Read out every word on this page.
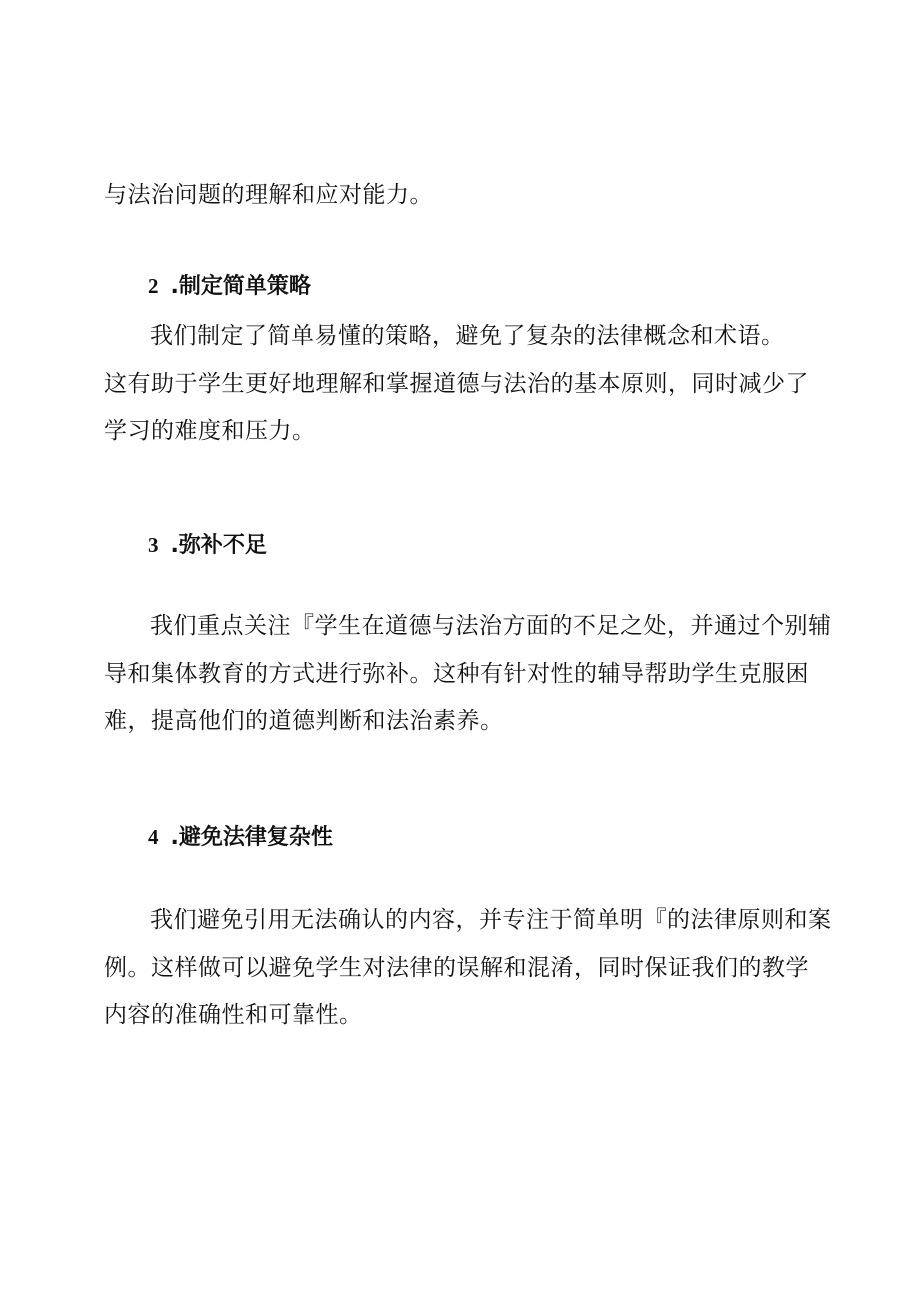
与法治问题的理解和应对能力。

2 .制定简单策略

我们制定了简单易懂的策略，避免了复杂的法律概念和术语。

这有助于学生更好地理解和掌握道德与法治的基本原则，同时减少了

学习的难度和压力。

3 .弥补不足

我们重点关注『学生在道德与法治方面的不足之处，并通过个别辅

导和集体教育的方式进行弥补。这种有针对性的辅导帮助学生克服困

难，提高他们的道德判断和法治素养。

4 .避免法律复杂性

我们避免引用无法确认的内容，并专注于简单明『的法律原则和案

例。这样做可以避免学生对法律的误解和混淆，同时保证我们的教学

内容的准确性和可靠性。
